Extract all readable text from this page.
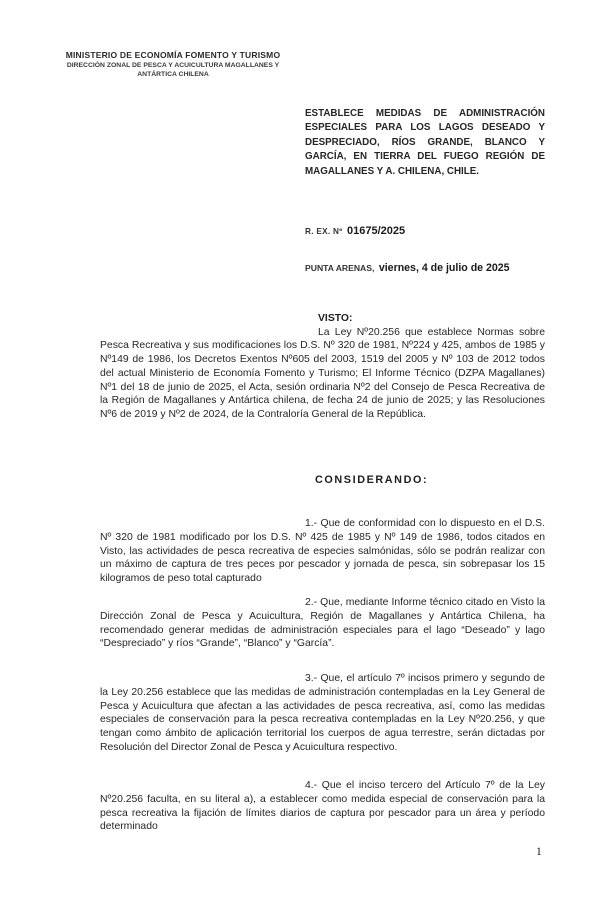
MINISTERIO DE ECONOMÍA FOMENTO Y TURISMO
DIRECCIÓN ZONAL DE PESCA Y ACUICULTURA MAGALLANES Y
ANTÁRTICA CHILENA
ESTABLECE MEDIDAS DE ADMINISTRACIÓN ESPECIALES PARA LOS LAGOS DESEADO Y DESPRECIADO, RÍOS GRANDE, BLANCO Y GARCÍA, EN TIERRA DEL FUEGO REGIÓN DE MAGALLANES Y A. CHILENA, CHILE.
R. EX. Nº 01675/2025
PUNTA ARENAS, viernes, 4 de julio de 2025

VISTO:

La Ley Nº20.256 que establece Normas sobre Pesca Recreativa y sus modificaciones los D.S. Nº 320 de 1981, Nº224 y 425, ambos de 1985 y Nº149 de 1986, los Decretos Exentos Nº605 del 2003, 1519 del 2005 y Nº 103 de 2012 todos del actual Ministerio de Economía Fomento y Turismo; El Informe Técnico (DZPA Magallanes) Nº1 del 18 de junio de 2025, el Acta, sesión ordinaria Nº2 del Consejo de Pesca Recreativa de la Región de Magallanes y Antártica chilena, de fecha 24 de junio de 2025; y las Resoluciones Nº6 de 2019 y Nº2 de 2024, de la Contraloría General de la República.

CONSIDERANDO:

1.- Que de conformidad con lo dispuesto en el D.S. Nº 320 de 1981 modificado por los D.S. Nº 425 de 1985 y Nº 149 de 1986, todos citados en Visto, las actividades de pesca recreativa de especies salmónidas, sólo se podrán realizar con un máximo de captura de tres peces por pescador y jornada de pesca, sin sobrepasar los 15 kilogramos de peso total capturado

2.- Que, mediante Informe técnico citado en Visto la Dirección Zonal de Pesca y Acuicultura, Región de Magallanes y Antártica Chilena, ha recomendado generar medidas de administración especiales para el lago “Deseado” y lago “Despreciado” y ríos “Grande”, “Blanco” y “García”.

3.- Que, el artículo 7º incisos primero y segundo de la Ley 20.256 establece que las medidas de administración contempladas en la Ley General de Pesca y Acuicultura que afectan a las actividades de pesca recreativa, así, como las medidas especiales de conservación para la pesca recreativa contempladas en la Ley Nº20.256, y que tengan como ámbito de aplicación territorial los cuerpos de agua terrestre, serán dictadas por Resolución del Director Zonal de Pesca y Acuicultura respectivo.

4.- Que el inciso tercero del Artículo 7º de la Ley Nº20.256 faculta, en su literal a), a establecer como medida especial de conservación para la pesca recreativa la fijación de límites diarios de captura por pescador para un área y período determinado

1
